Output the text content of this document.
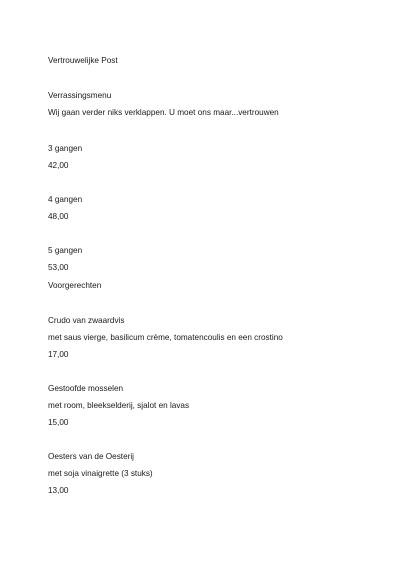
Vertrouwelijke Post
Verrassingsmenu
Wij gaan verder niks verklappen. U moet ons maar...vertrouwen
3 gangen
42,00
4 gangen
48,00
5 gangen
53,00
Voorgerechten
Crudo van zwaardvis
met saus vierge, basilicum crème, tomatencoulis en een crostino
17,00
Gestoofde mosselen
met room, bleekselderij, sjalot en lavas
15,00
Oesters van de Oesterij
met soja vinaigrette (3 stuks)
13,00
